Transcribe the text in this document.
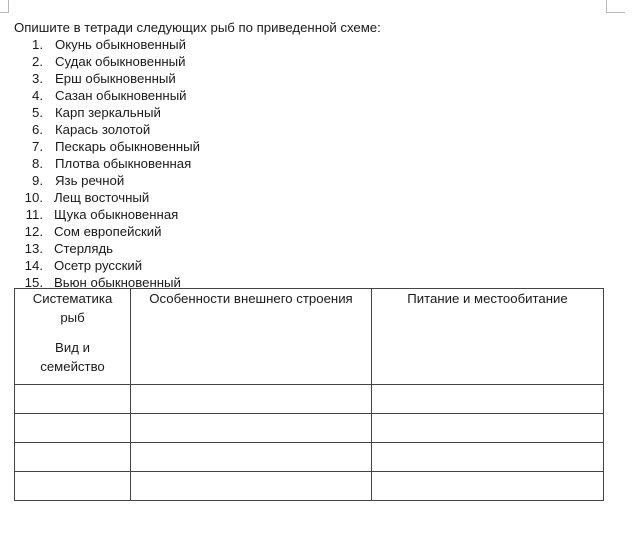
Опишите в тетради следующих рыб по приведенной схеме:
1. Окунь обыкновенный
2. Судак обыкновенный
3. Ерш обыкновенный
4. Сазан обыкновенный
5. Карп зеркальный
6. Карась золотой
7. Пескарь обыкновенный
8. Плотва обыкновенная
9. Язь речной
10. Лещ восточный
11. Щука обыкновенная
12. Сом европейский
13. Стерлядь
14. Осетр русский
15. Вьюн обыкновенный
Систематика
рыб
Вид и
семейство	Особенности внешнего строения	Питание и местообитание
